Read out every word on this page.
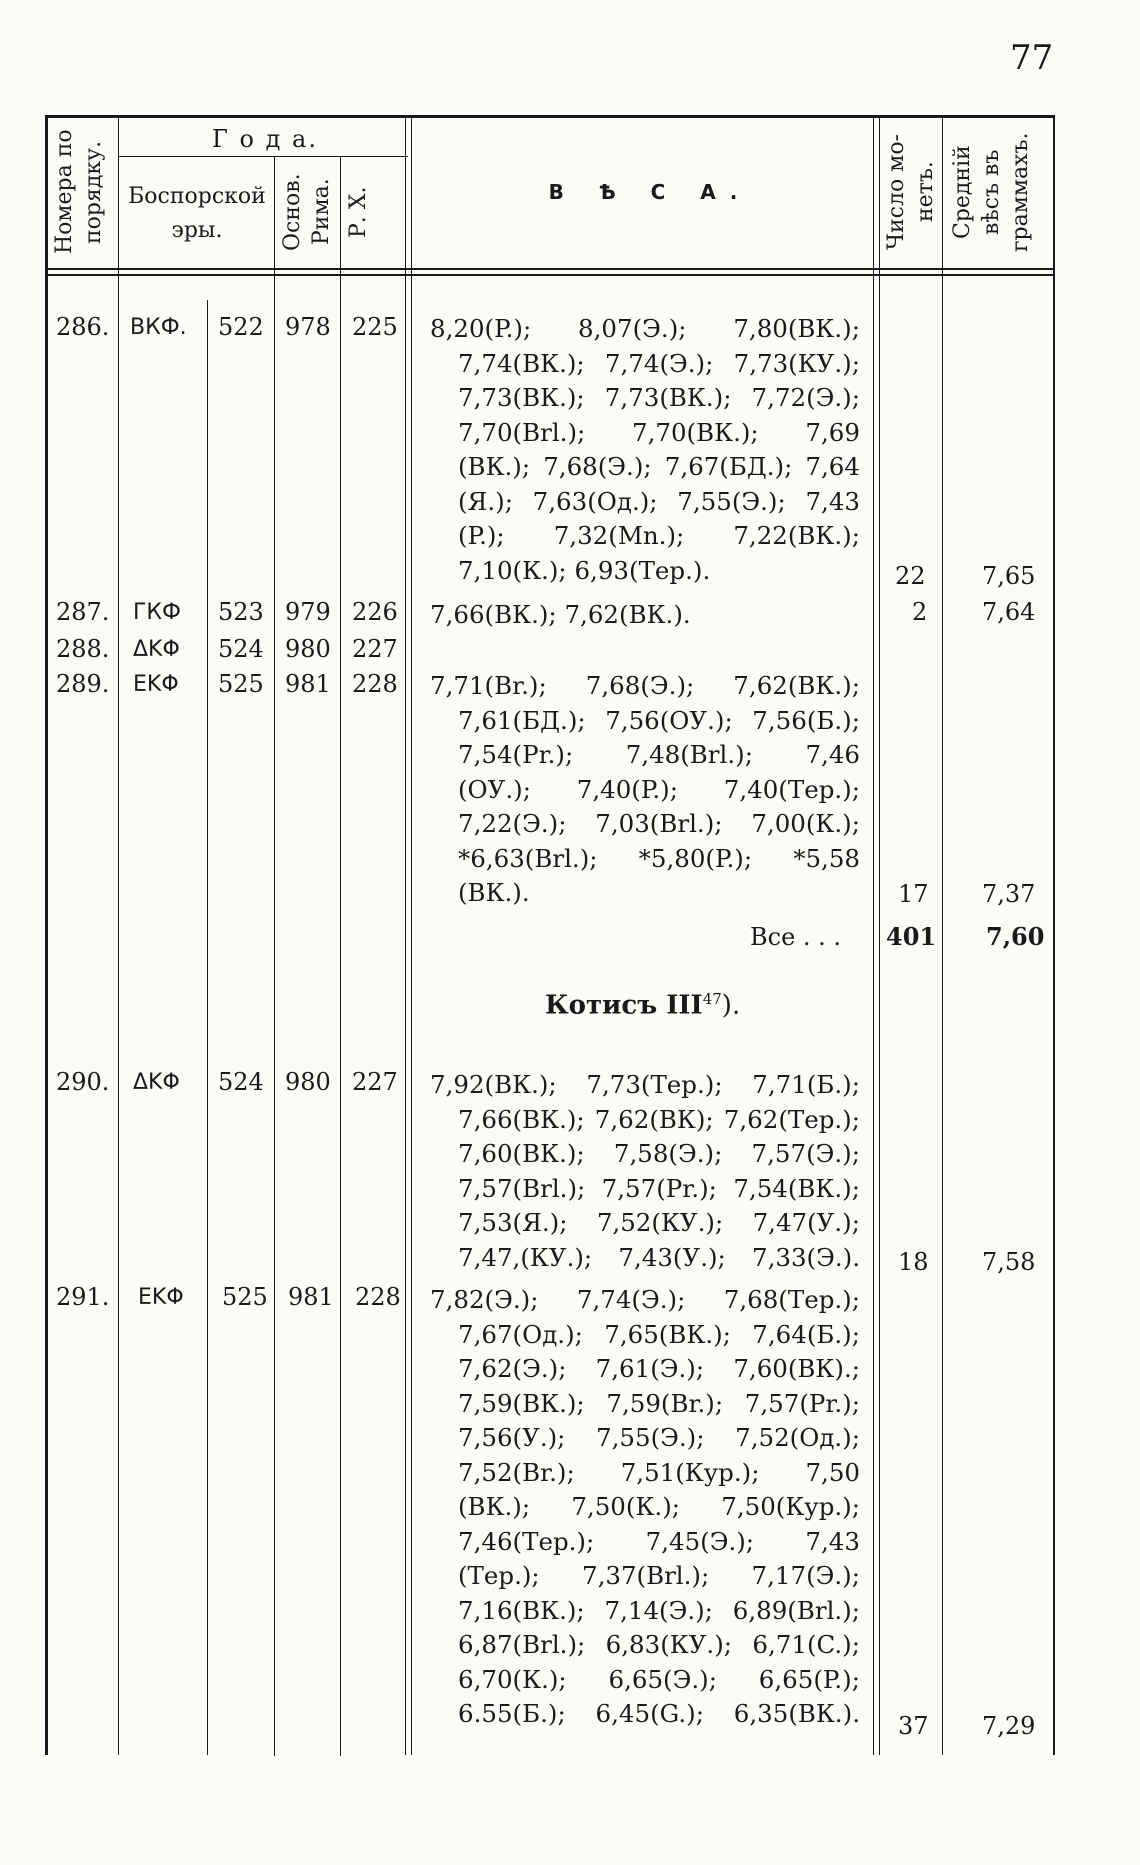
77
Номера по порядку.
Г о д а.
Боспорской эры.	Основ. Рима. Р. Х.	В Ѣ С А.	Число мо- нетъ. Средній вѣсъ въ граммахъ.
286. ВКФ. 522 978 225 8,20(P.); 8,07(Э.); 7,80(ВК.);
7,74(ВК.); 7,74(Э.); 7,73(КУ.);
7,73(ВК.); 7,73(ВК.); 7,72(Э.);
7,70(Brl.); 7,70(ВК.); 7,69
(ВК.); 7,68(Э.); 7,67(БД.); 7,64
(Я.); 7,63(Од.); 7,55(Э.); 7,43
(P.); 7,32(Mn.); 7,22(ВК.);
7,10(К.); 6,93(Тер.).	22 7,65
287. ГКФ 523 979 226 7,66(ВК.); 7,62(ВК.).	2 7,64
288. ΔΚΦ 524 980 227
289. ΕΚΦ 525 981 228 7,71(Br.); 7,68(Э.); 7,62(ВК.);
7,61(БД.); 7,56(ОУ.); 7,56(Б.);
7,54(Pr.); 7,48(Brl.); 7,46
(ОУ.); 7,40(P.); 7,40(Тер.);
7,22(Э.); 7,03(Brl.); 7,00(К.);
*6,63(Brl.); *5,80(P.); *5,58
(ВК.).	17 7,37
Все . . . 401 7,60
Котисъ III$^{47}$).
290. ΔΚΦ 524 980 227 7,92(ВК.); 7,73(Тер.); 7,71(Б.);
7,66(ВК.); 7,62(ВК); 7,62(Тер.);
7,60(ВК.); 7,58(Э.); 7,57(Э.);
7,57(Brl.); 7,57(Pr.); 7,54(ВК.);
7,53(Я.); 7,52(КУ.); 7,47(У.);
7,47,(КУ.); 7,43(У.); 7,33(Э.). 18 7,58
291. ΕΚΦ 525 981 228 7,82(Э.); 7,74(Э.); 7,68(Тер.);
7,67(Од.); 7,65(ВК.); 7,64(Б.);
7,62(Э.); 7,61(Э.); 7,60(ВК).;
7,59(ВК.); 7,59(Br.); 7,57(Pr.);
7,56(У.); 7,55(Э.); 7,52(Од.);
7,52(Br.); 7,51(Кур.); 7,50
(ВК.); 7,50(К.); 7,50(Кур.);
7,46(Тер.); 7,45(Э.); 7,43
(Тер.); 7,37(Brl.); 7,17(Э.);
7,16(ВК.); 7,14(Э.); 6,89(Brl.);
6,87(Brl.); 6,83(КУ.); 6,71(C.);
6,70(К.); 6,65(Э.); 6,65(P.);
6.55(Б.); 6,45(G.); 6,35(ВК.). 37 7,29
